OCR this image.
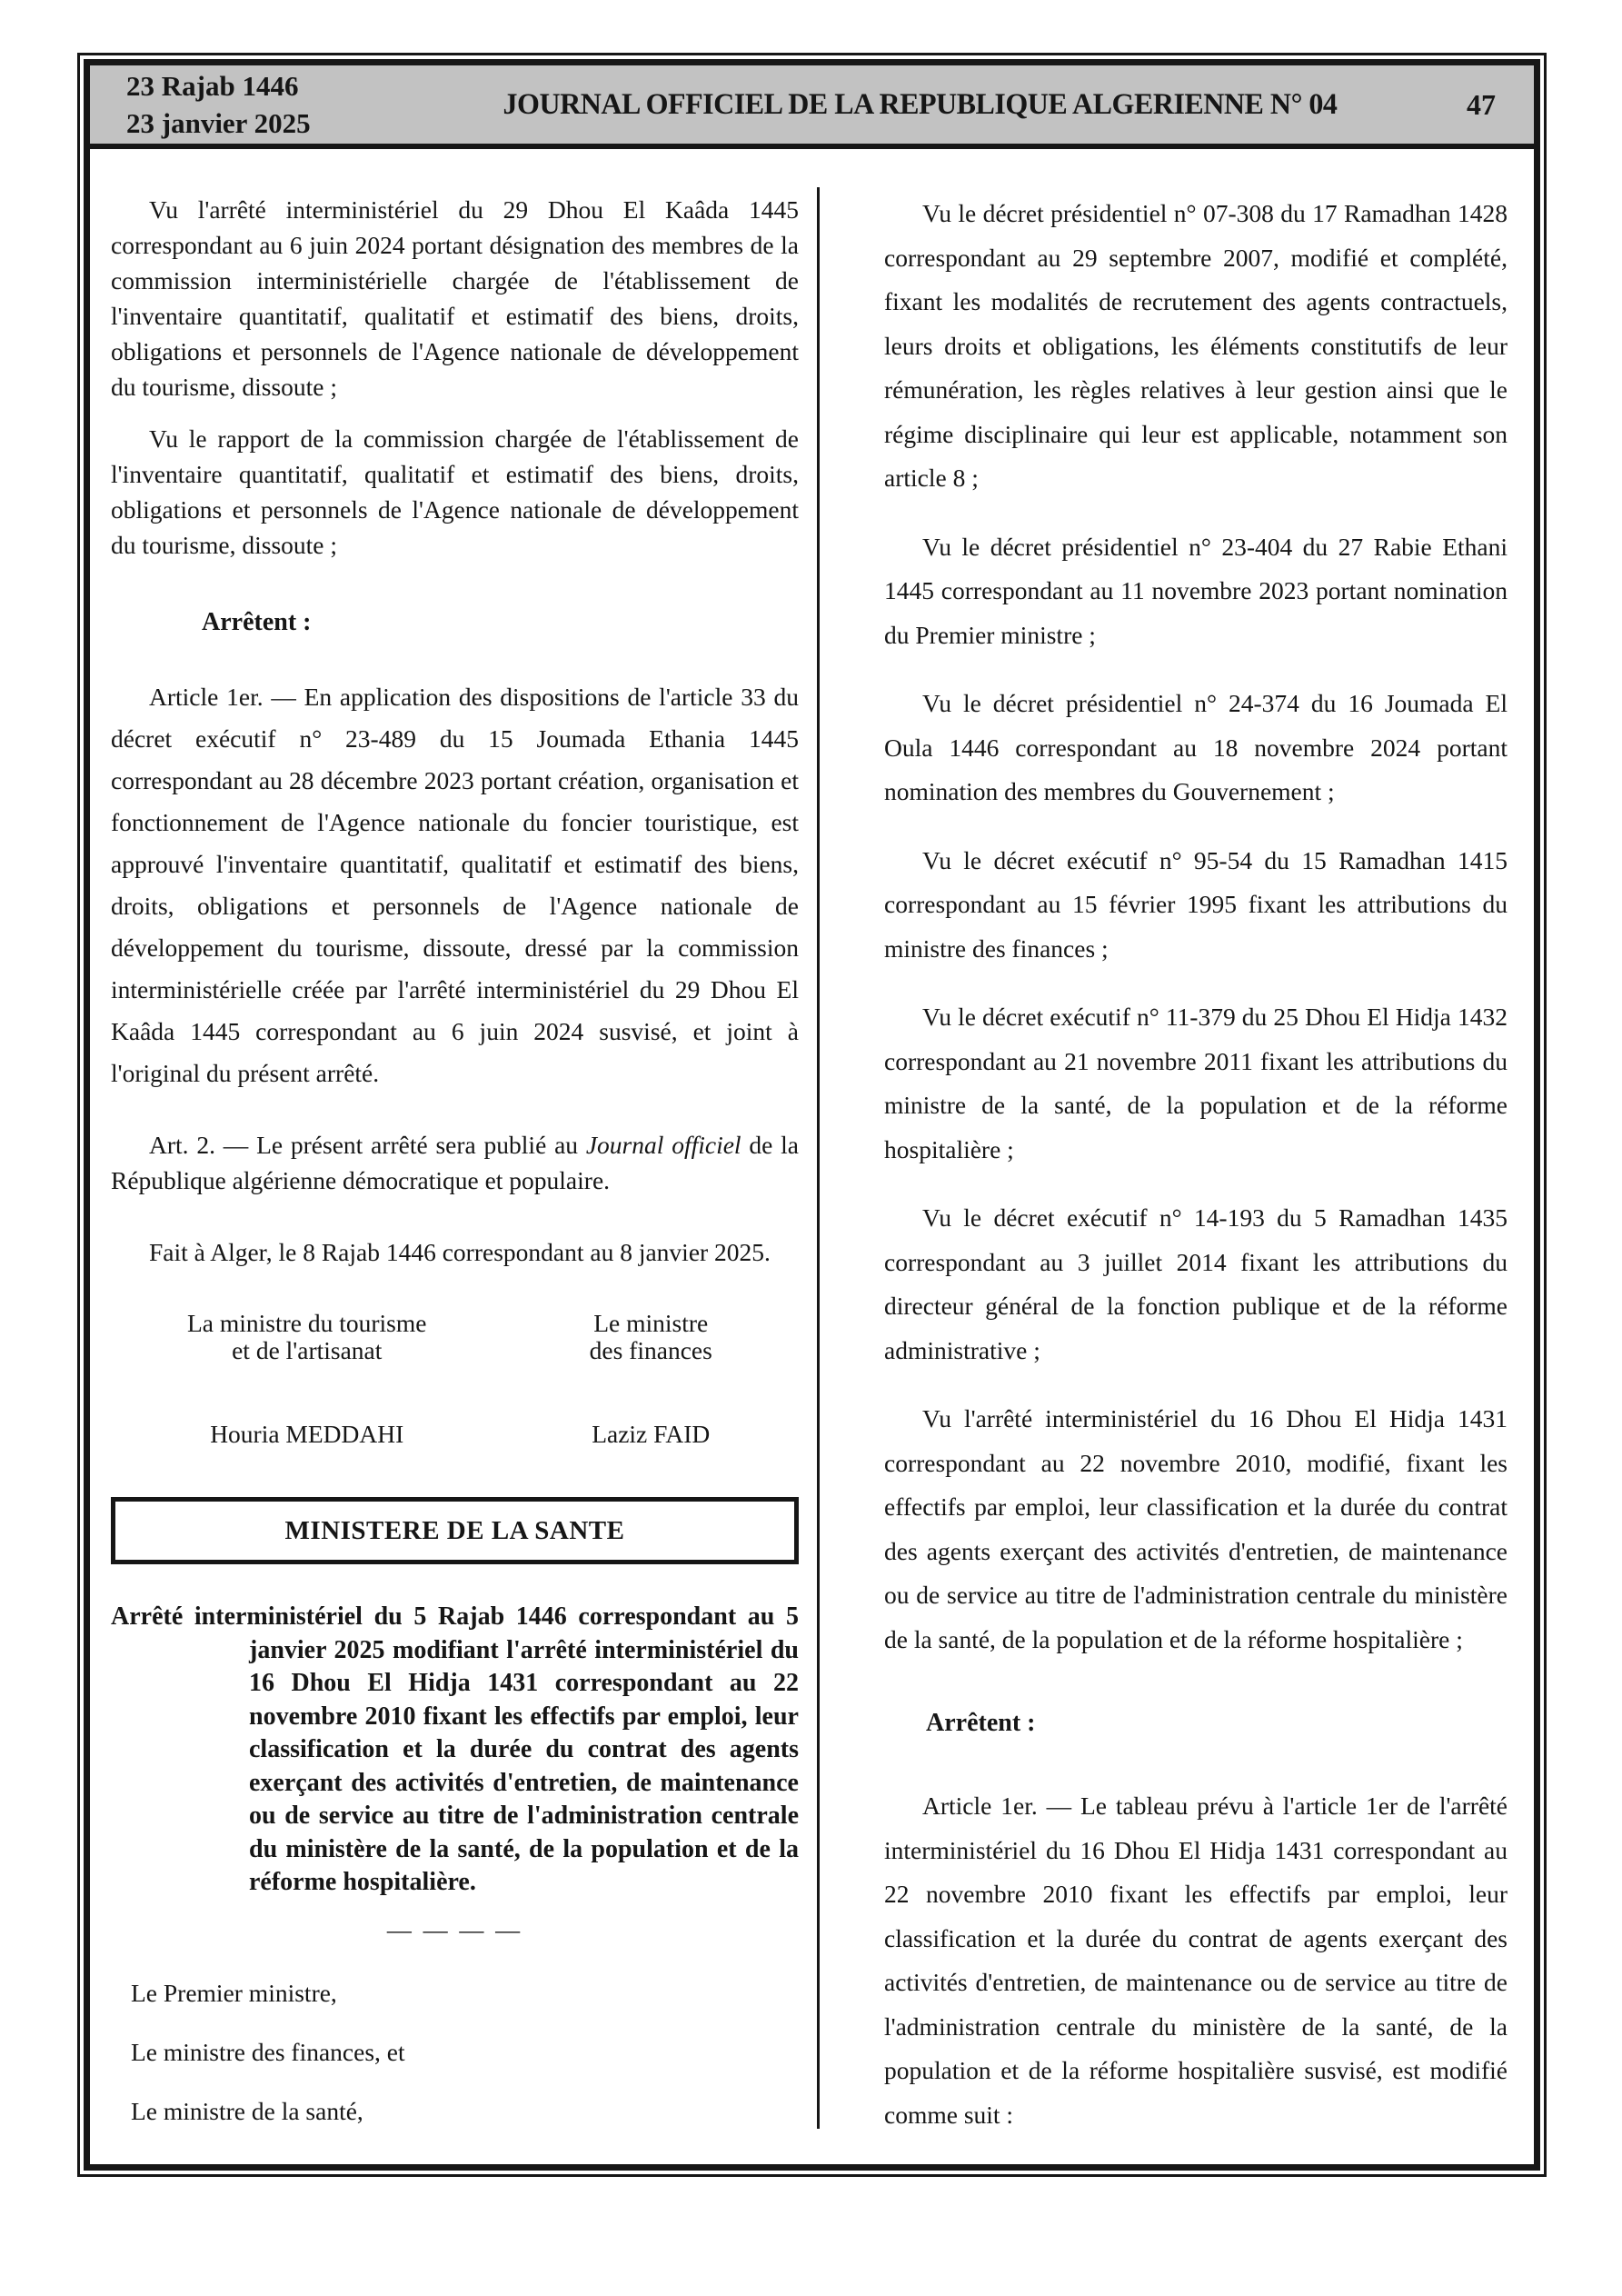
23 Rajab 1446
23 janvier 2025
JOURNAL OFFICIEL DE LA REPUBLIQUE ALGERIENNE N° 04	47

Vu l'arrêté interministériel du 29 Dhou El Kaâda 1445 correspondant au 6 juin 2024 portant désignation des membres de la commission interministérielle chargée de l'établissement de l'inventaire quantitatif, qualitatif et estimatif des biens, droits, obligations et personnels de l'Agence nationale de développement du tourisme, dissoute ;

Vu le rapport de la commission chargée de l'établissement de l'inventaire quantitatif, qualitatif et estimatif des biens, droits, obligations et personnels de l'Agence nationale de développement du tourisme, dissoute ;

Arrêtent :

Article 1er. — En application des dispositions de l'article 33 du décret exécutif n° 23-489 du 15 Joumada Ethania 1445 correspondant au 28 décembre 2023 portant création, organisation et fonctionnement de l'Agence nationale du foncier touristique, est approuvé l'inventaire quantitatif, qualitatif et estimatif des biens, droits, obligations et personnels de l'Agence nationale de développement du tourisme, dissoute, dressé par la commission interministérielle créée par l'arrêté interministériel du 29 Dhou El Kaâda 1445 correspondant au 6 juin 2024 susvisé, et joint à l'original du présent arrêté.

Art. 2. — Le présent arrêté sera publié au Journal officiel de la République algérienne démocratique et populaire.

Fait à Alger, le 8 Rajab 1446 correspondant au 8 janvier 2025.

La ministre du tourisme
et de l'artisanat
Le ministre
des finances
Houria MEDDAHI	Laziz FAID
MINISTERE DE LA SANTE

Arrêté interministériel du 5 Rajab 1446 correspondant au 5 janvier 2025 modifiant l'arrêté interministériel du 16 Dhou El Hidja 1431 correspondant au 22 novembre 2010 fixant les effectifs par emploi, leur classification et la durée du contrat des agents exerçant des activités d'entretien, de maintenance ou de service au titre de l'administration centrale du ministère de la santé, de la population et de la réforme hospitalière.

— — — —

Le Premier ministre,

Le ministre des finances, et

Le ministre de la santé,

Vu le décret présidentiel n° 07-308 du 17 Ramadhan 1428 correspondant au 29 septembre 2007, modifié et complété, fixant les modalités de recrutement des agents contractuels, leurs droits et obligations, les éléments constitutifs de leur rémunération, les règles relatives à leur gestion ainsi que le régime disciplinaire qui leur est applicable, notamment son article 8 ;

Vu le décret présidentiel n° 23-404 du 27 Rabie Ethani 1445 correspondant au 11 novembre 2023 portant nomination du Premier ministre ;

Vu le décret présidentiel n° 24-374 du 16 Joumada El Oula 1446 correspondant au 18 novembre 2024 portant nomination des membres du Gouvernement ;

Vu le décret exécutif n° 95-54 du 15 Ramadhan 1415 correspondant au 15 février 1995 fixant les attributions du ministre des finances ;

Vu le décret exécutif n° 11-379 du 25 Dhou El Hidja 1432 correspondant au 21 novembre 2011 fixant les attributions du ministre de la santé, de la population et de la réforme hospitalière ;

Vu le décret exécutif n° 14-193 du 5 Ramadhan 1435 correspondant au 3 juillet 2014 fixant les attributions du directeur général de la fonction publique et de la réforme administrative ;

Vu l'arrêté interministériel du 16 Dhou El Hidja 1431 correspondant au 22 novembre 2010, modifié, fixant les effectifs par emploi, leur classification et la durée du contrat des agents exerçant des activités d'entretien, de maintenance ou de service au titre de l'administration centrale du ministère de la santé, de la population et de la réforme hospitalière ;

Arrêtent :

Article 1er. — Le tableau prévu à l'article 1er de l'arrêté interministériel du 16 Dhou El Hidja 1431 correspondant au 22 novembre 2010 fixant les effectifs par emploi, leur classification et la durée du contrat de agents exerçant des activités d'entretien, de maintenance ou de service au titre de l'administration centrale du ministère de la santé, de la population et de la réforme hospitalière susvisé, est modifié comme suit :
